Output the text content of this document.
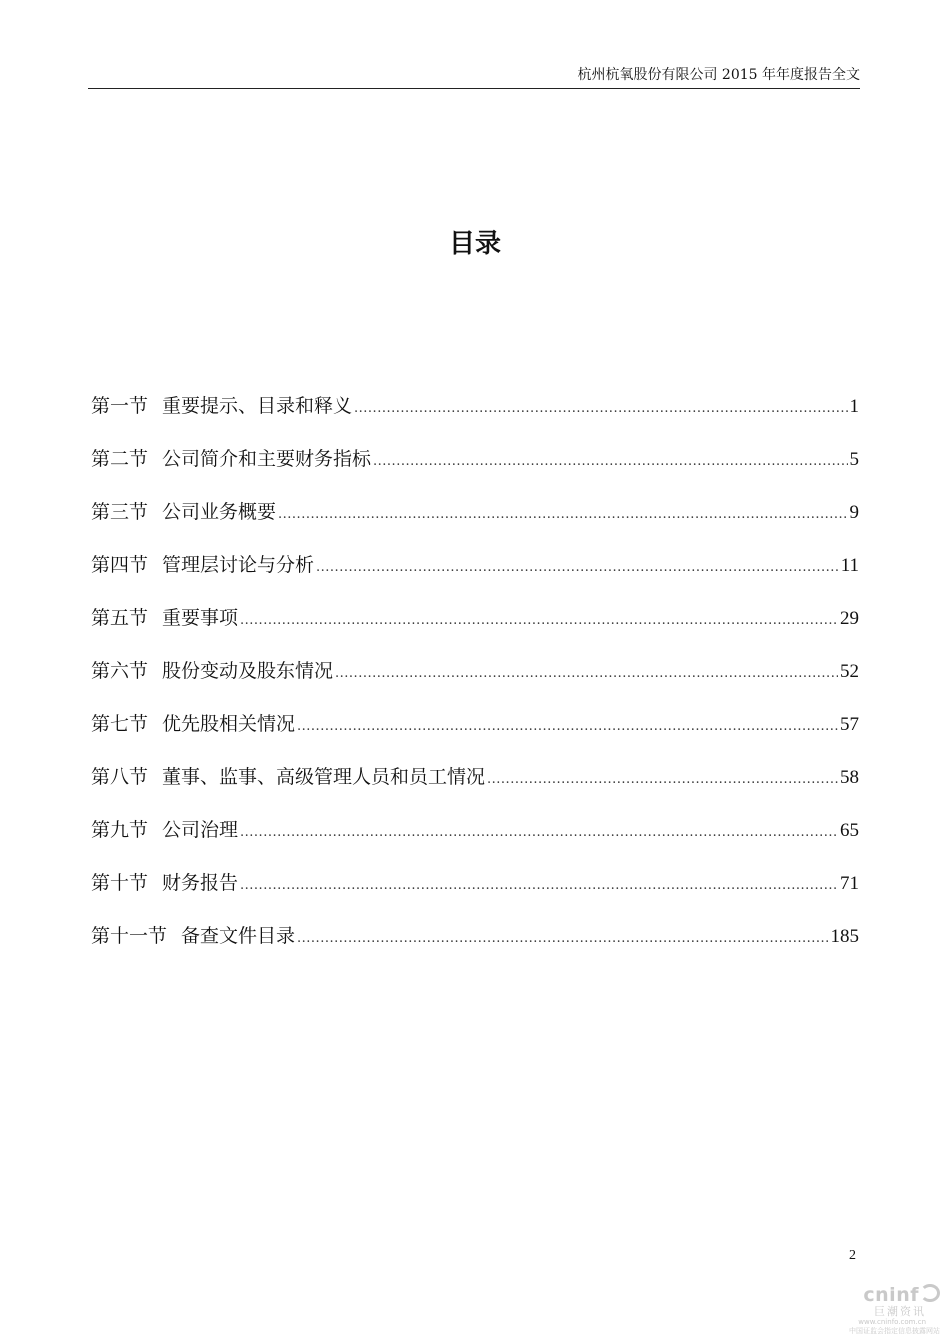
杭州杭氧股份有限公司 2015 年年度报告全文
目录
第一节 重要提示、目录和释义 .....	1
第二节 公司简介和主要财务指标 .....	5
第三节 公司业务概要 .....	9
第四节 管理层讨论与分析 .....	11
第五节 重要事项 .....	29
第六节 股份变动及股东情况 .....	52
第七节 优先股相关情况 .....	57
第八节 董事、监事、高级管理人员和员工情况 .....	58
第九节 公司治理 .....	65
第十节 财务报告 .....	71
第十一节 备查文件目录 .....	185
2
cninf
巨潮资讯
www.cninfo.com.cn
中国证监会指定信息披露网站
